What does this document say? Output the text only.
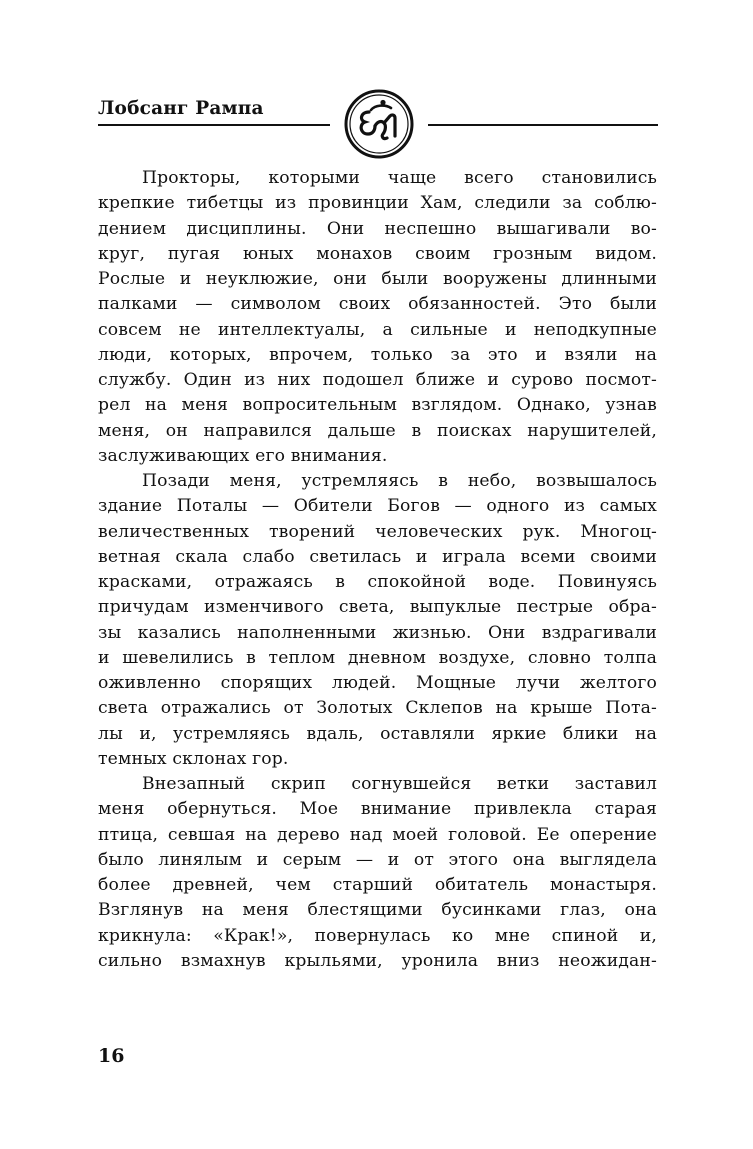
Лобсанг Рампа

Прокторы, которыми чаще всего становились
крепкие тибетцы из провинции Хам, следили за соблю-
дением дисциплины. Они неспешно вышагивали во-
круг, пугая юных монахов своим грозным видом.
Рослые и неуклюжие, они были вооружены длинными
палками — символом своих обязанностей. Это были
совсем не интеллектуалы, а сильные и неподкупные
люди, которых, впрочем, только за это и взяли на
службу. Один из них подошел ближе и сурово посмот-
рел на меня вопросительным взглядом. Однако, узнав
меня, он направился дальше в поисках нарушителей,
заслуживающих его внимания.

Позади меня, устремляясь в небо, возвышалось
здание Поталы — Обители Богов — одного из самых
величественных творений человеческих рук. Многоц-
ветная скала слабо светилась и играла всеми своими
красками, отражаясь в спокойной воде. Повинуясь
причудам изменчивого света, выпуклые пестрые обра-
зы казались наполненными жизнью. Они вздрагивали
и шевелились в теплом дневном воздухе, словно толпа
оживленно спорящих людей. Мощные лучи желтого
света отражались от Золотых Склепов на крыше Пота-
лы и, устремляясь вдаль, оставляли яркие блики на
темных склонах гор.

Внезапный скрип согнувшейся ветки заставил
меня обернуться. Мое внимание привлекла старая
птица, севшая на дерево над моей головой. Ее оперение
было линялым и серым — и от этого она выглядела
более древней, чем старший обитатель монастыря.
Взглянув на меня блестящими бусинками глаз, она
крикнула: «Крак!», повернулась ко мне спиной и,
сильно взмахнув крыльями, уронила вниз неожидан-

16
